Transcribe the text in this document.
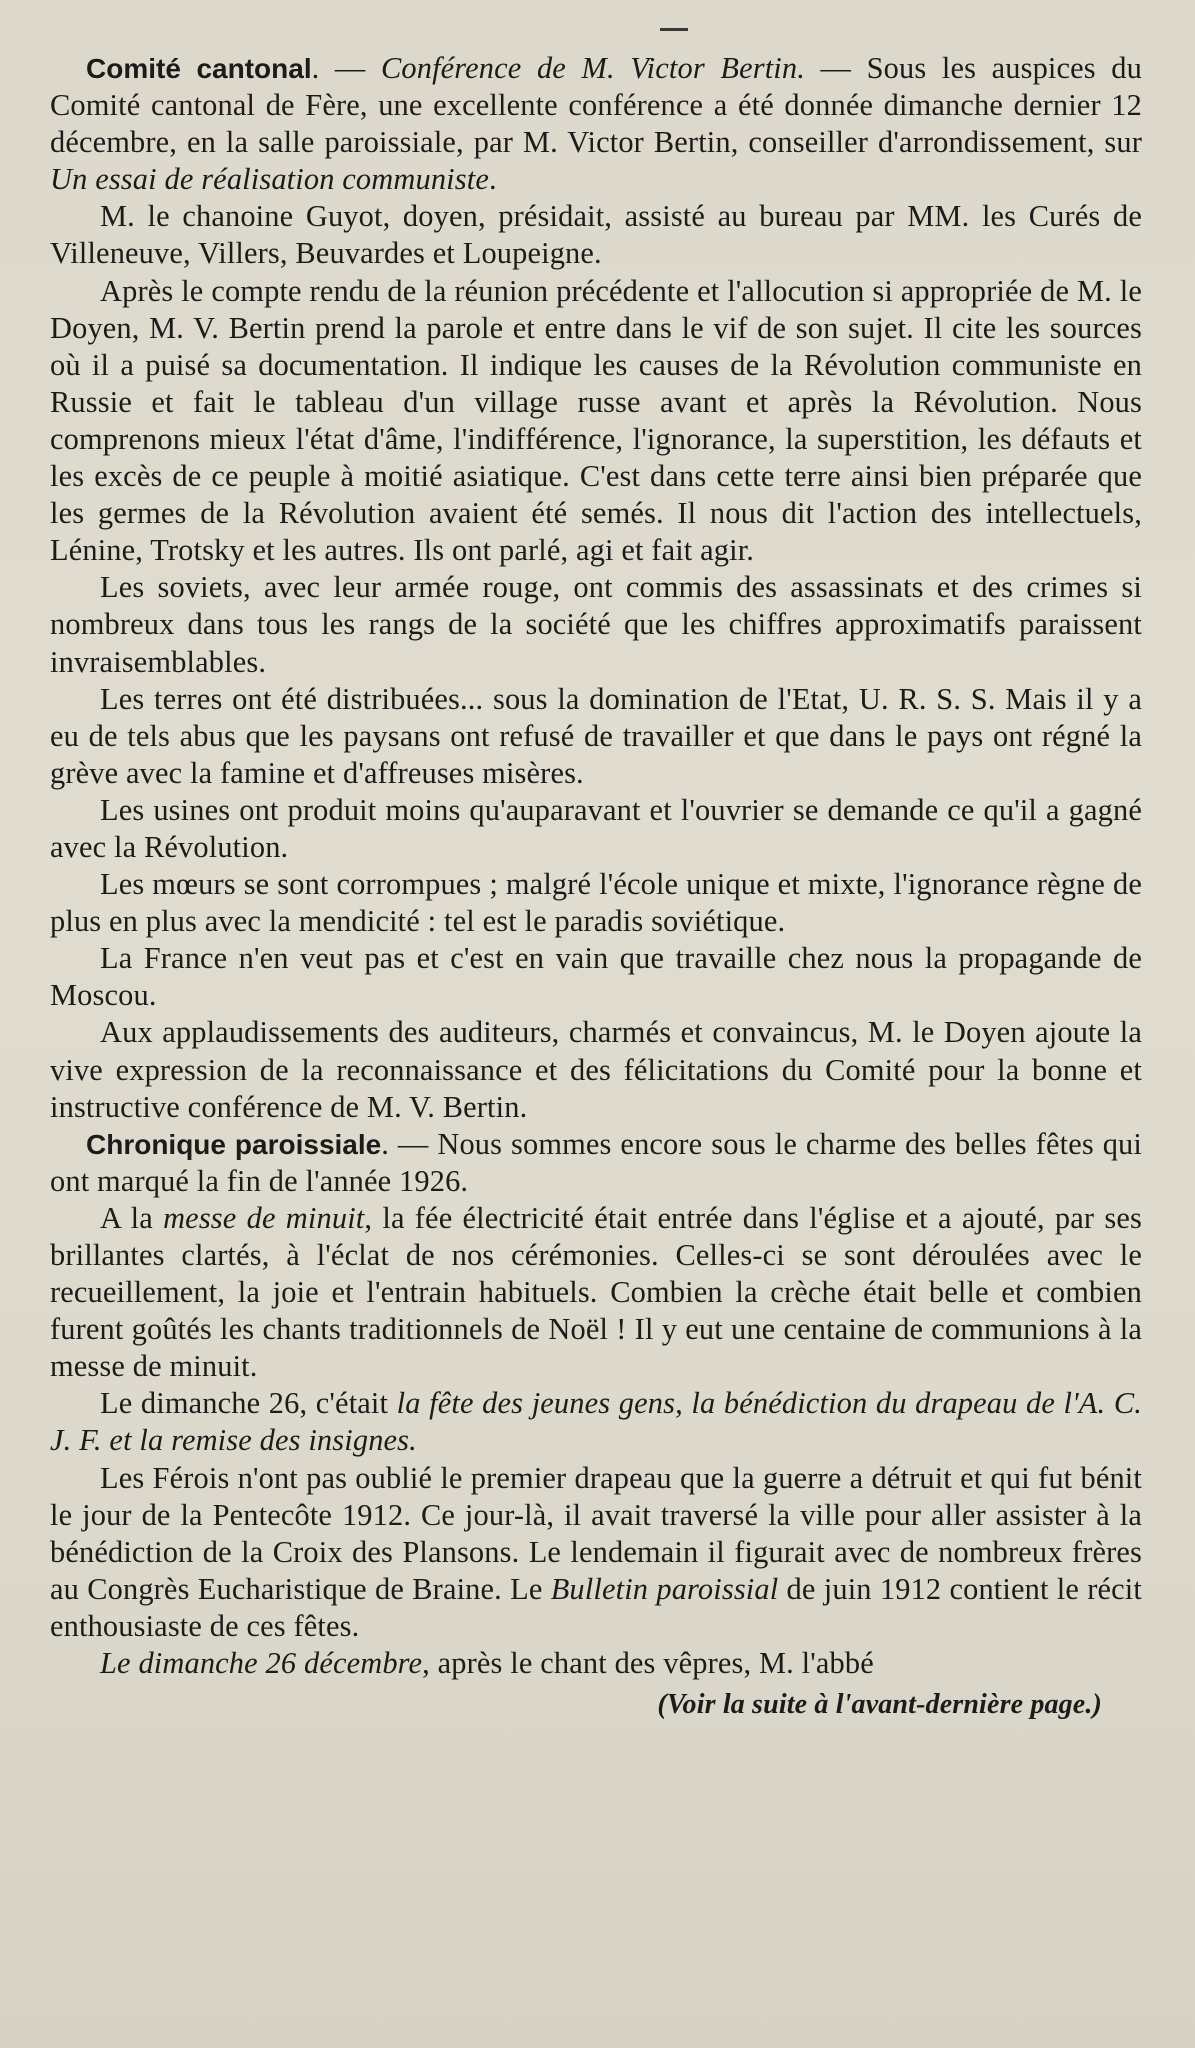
Comité cantonal. — Conférence de M. Victor Bertin. — Sous les auspices du Comité cantonal de Fère, une excellente conférence a été donnée dimanche dernier 12 décembre, en la salle paroissiale, par M. Victor Bertin, conseiller d'arrondissement, sur Un essai de réalisation communiste.

M. le chanoine Guyot, doyen, présidait, assisté au bureau par MM. les Curés de Villeneuve, Villers, Beuvardes et Loupeigne.

Après le compte rendu de la réunion précédente et l'allocution si appropriée de M. le Doyen, M. V. Bertin prend la parole et entre dans le vif de son sujet. Il cite les sources où il a puisé sa documentation. Il indique les causes de la Révolution communiste en Russie et fait le tableau d'un village russe avant et après la Révolution. Nous comprenons mieux l'état d'âme, l'indifférence, l'ignorance, la superstition, les défauts et les excès de ce peuple à moitié asiatique. C'est dans cette terre ainsi bien préparée que les germes de la Révolution avaient été semés. Il nous dit l'action des intellectuels, Lénine, Trotsky et les autres. Ils ont parlé, agi et fait agir.

Les soviets, avec leur armée rouge, ont commis des assassinats et des crimes si nombreux dans tous les rangs de la société que les chiffres approximatifs paraissent invraisemblables.

Les terres ont été distribuées... sous la domination de l'Etat, U. R. S. S. Mais il y a eu de tels abus que les paysans ont refusé de travailler et que dans le pays ont régné la grève avec la famine et d'affreuses misères.

Les usines ont produit moins qu'auparavant et l'ouvrier se demande ce qu'il a gagné avec la Révolution.

Les mœurs se sont corrompues ; malgré l'école unique et mixte, l'ignorance règne de plus en plus avec la mendicité : tel est le paradis soviétique.

La France n'en veut pas et c'est en vain que travaille chez nous la propagande de Moscou.

Aux applaudissements des auditeurs, charmés et convaincus, M. le Doyen ajoute la vive expression de la reconnaissance et des félicitations du Comité pour la bonne et instructive conférence de M. V. Bertin.

Chronique paroissiale. — Nous sommes encore sous le charme des belles fêtes qui ont marqué la fin de l'année 1926.

A la messe de minuit, la fée électricité était entrée dans l'église et a ajouté, par ses brillantes clartés, à l'éclat de nos cérémonies. Celles-ci se sont déroulées avec le recueillement, la joie et l'entrain habituels. Combien la crèche était belle et combien furent goûtés les chants traditionnels de Noël ! Il y eut une centaine de communions à la messe de minuit.

Le dimanche 26, c'était la fête des jeunes gens, la bénédiction du drapeau de l'A. C. J. F. et la remise des insignes.

Les Férois n'ont pas oublié le premier drapeau que la guerre a détruit et qui fut bénit le jour de la Pentecôte 1912. Ce jour-là, il avait traversé la ville pour aller assister à la bénédiction de la Croix des Plansons. Le lendemain il figurait avec de nombreux frères au Congrès Eucharistique de Braine. Le Bulletin paroissial de juin 1912 contient le récit enthousiaste de ces fêtes.

Le dimanche 26 décembre, après le chant des vêpres, M. l'abbé

(Voir la suite à l'avant-dernière page.)
